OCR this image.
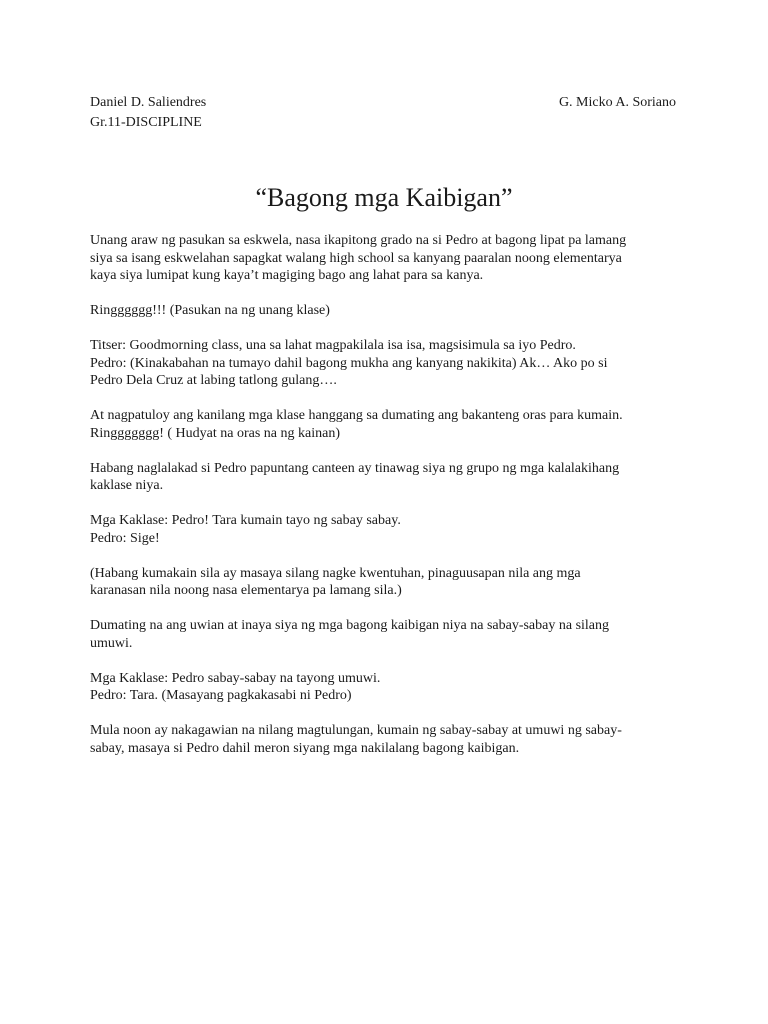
Daniel D. Saliendres	G. Micko A. Soriano
Gr.11-DISCIPLINE
“Bagong mga Kaibigan”

Unang araw ng pasukan sa eskwela, nasa ikapitong grado na si Pedro at bagong lipat pa lamang
siya sa isang eskwelahan sapagkat walang high school sa kanyang paaralan noong elementarya
kaya siya lumipat kung kaya’t magiging bago ang lahat para sa kanya.

Ringggggg!!! (Pasukan na ng unang klase)

Titser: Goodmorning class, una sa lahat magpakilala isa isa, magsisimula sa iyo Pedro.
Pedro: (Kinakabahan na tumayo dahil bagong mukha ang kanyang nakikita) Ak… Ako po si
Pedro Dela Cruz at labing tatlong gulang….

At nagpatuloy ang kanilang mga klase hanggang sa dumating ang bakanteng oras para kumain.
Ringgggggg! ( Hudyat na oras na ng kainan)

Habang naglalakad si Pedro papuntang canteen ay tinawag siya ng grupo ng mga kalalakihang
kaklase niya.

Mga Kaklase: Pedro! Tara kumain tayo ng sabay sabay.
Pedro: Sige!

(Habang kumakain sila ay masaya silang nagke kwentuhan, pinaguusapan nila ang mga
karanasan nila noong nasa elementarya pa lamang sila.)

Dumating na ang uwian at inaya siya ng mga bagong kaibigan niya na sabay-sabay na silang
umuwi.

Mga Kaklase: Pedro sabay-sabay na tayong umuwi.
Pedro: Tara. (Masayang pagkakasabi ni Pedro)

Mula noon ay nakagawian na nilang magtulungan, kumain ng sabay-sabay at umuwi ng sabay-
sabay, masaya si Pedro dahil meron siyang mga nakilalang bagong kaibigan.
